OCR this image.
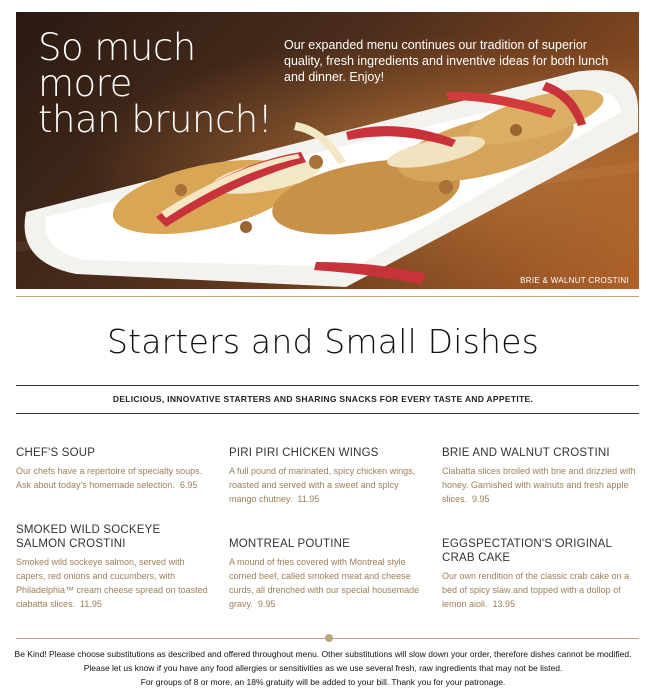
So much more
than brunch!
Our expanded menu continues our tradition of superior quality, fresh ingredients and inventive ideas for both lunch and dinner. Enjoy!
BRIE & WALNUT CROSTINI
Starters and Small Dishes
DELICIOUS, INNOVATIVE STARTERS AND SHARING SNACKS FOR EVERY TASTE AND APPETITE.
CHEF'S SOUP
Our chefs have a repertoire of specialty soups. Ask about today's homemade selection. 6.95
PIRI PIRI CHICKEN WINGS
A full pound of marinated, spicy chicken wings, roasted and served with a sweet and spicy mango chutney. 11.95
BRIE AND WALNUT CROSTINI
Ciabatta slices broiled with brie and drizzled with honey. Garnished with walnuts and fresh apple slices. 9.95
SMOKED WILD SOCKEYE SALMON CROSTINI
Smoked wild sockeye salmon, served with capers, red onions and cucumbers, with Philadelphia™ cream cheese spread on toasted ciabatta slices. 11.95
MONTREAL POUTINE
A mound of fries covered with Montreal style corned beef, called smoked meat and cheese curds, all drenched with our special housemade gravy. 9.95
EGGSPECTATION'S ORIGINAL CRAB CAKE
Our own rendition of the classic crab cake on a bed of spicy slaw and topped with a dollop of lemon aioli. 13.95
Be Kind! Please choose substitutions as described and offered throughout menu. Other substitutions will slow down your order, therefore dishes cannot be modified.
Please let us know if you have any food allergies or sensitivities as we use several fresh, raw ingredients that may not be listed.
For groups of 8 or more, an 18% gratuity will be added to your bill. Thank you for your patronage.
